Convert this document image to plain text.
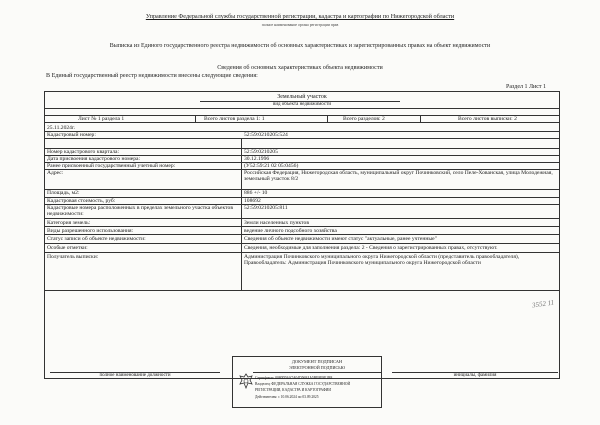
Управление Федеральной службы государственной регистрации, кадастра и картографии по Нижегородской области
полное наименование органа регистрации прав
Выписка из Единого государственного реестра недвижимости об основных характеристиках и зарегистрированных правах на объект недвижимости
Сведения об основных характеристиках объекта недвижимости
В Единый государственный реестр недвижимости внесены следующие сведения:
Раздел 1 Лист 1
Земельный участок
вид объекта недвижимости
Лист № 1 раздела 1	Всего листов раздела 1: 1	Всего разделов: 2	Всего листов выписки: 2
25.11.2024г.
Кадастровый номер:	52:59:0210205:524
Номер кадастрового квартала:	52:59:0210205
Дата присвоения кадастрового номера:	30.12.1996
Ранее присвоенный государственный учетный номер:	(У52:59:21 02 05:0456)
Адрес:	Российская Федерация, Нижегородская область, муниципальный округ Починковский, село Пеле-Хованская, улица Молодежная, земельный участок 8/2
Площадь, м2:	886 +/- 10
Кадастровая стоимость, руб:	108692
Кадастровые номера расположенных в пределах земельного участка объектов недвижимости:
52:59:0210205:811
Категория земель:	Земли населенных пунктов
Виды разрешенного использования:	ведение личного подсобного хозяйства
Статус записи об объекте недвижимости:	Сведения об объекте недвижимости имеют статус "актуальные, ранее учтенные"
Особые отметки:	Сведения, необходимые для заполнения раздела: 2 - Сведения о зарегистрированных правах, отсутствуют.
Получатель выписки:	Администрация Починковского муниципального округа Нижегородской области (представитель правообладателя),
Правообладатель: Администрация Починковского муниципального округа Нижегородской области
3552 11
полное наименование должности	инициалы, фамилия
ДОКУМЕНТ ПОДПИСАН
ЭЛЕКТРОННОЙ ПОДПИСЬЮ
Сертификат: 0080D56A7A04D56E4A5BE8E9E1B8
Владелец: ФЕДЕРАЛЬНАЯ СЛУЖБА ГОСУДАРСТВЕННОЙ
РЕГИСТРАЦИИ, КАДАСТРА И КАРТОГРАФИИ
Действителен: с 10.06.2024 по 03.09.2025
